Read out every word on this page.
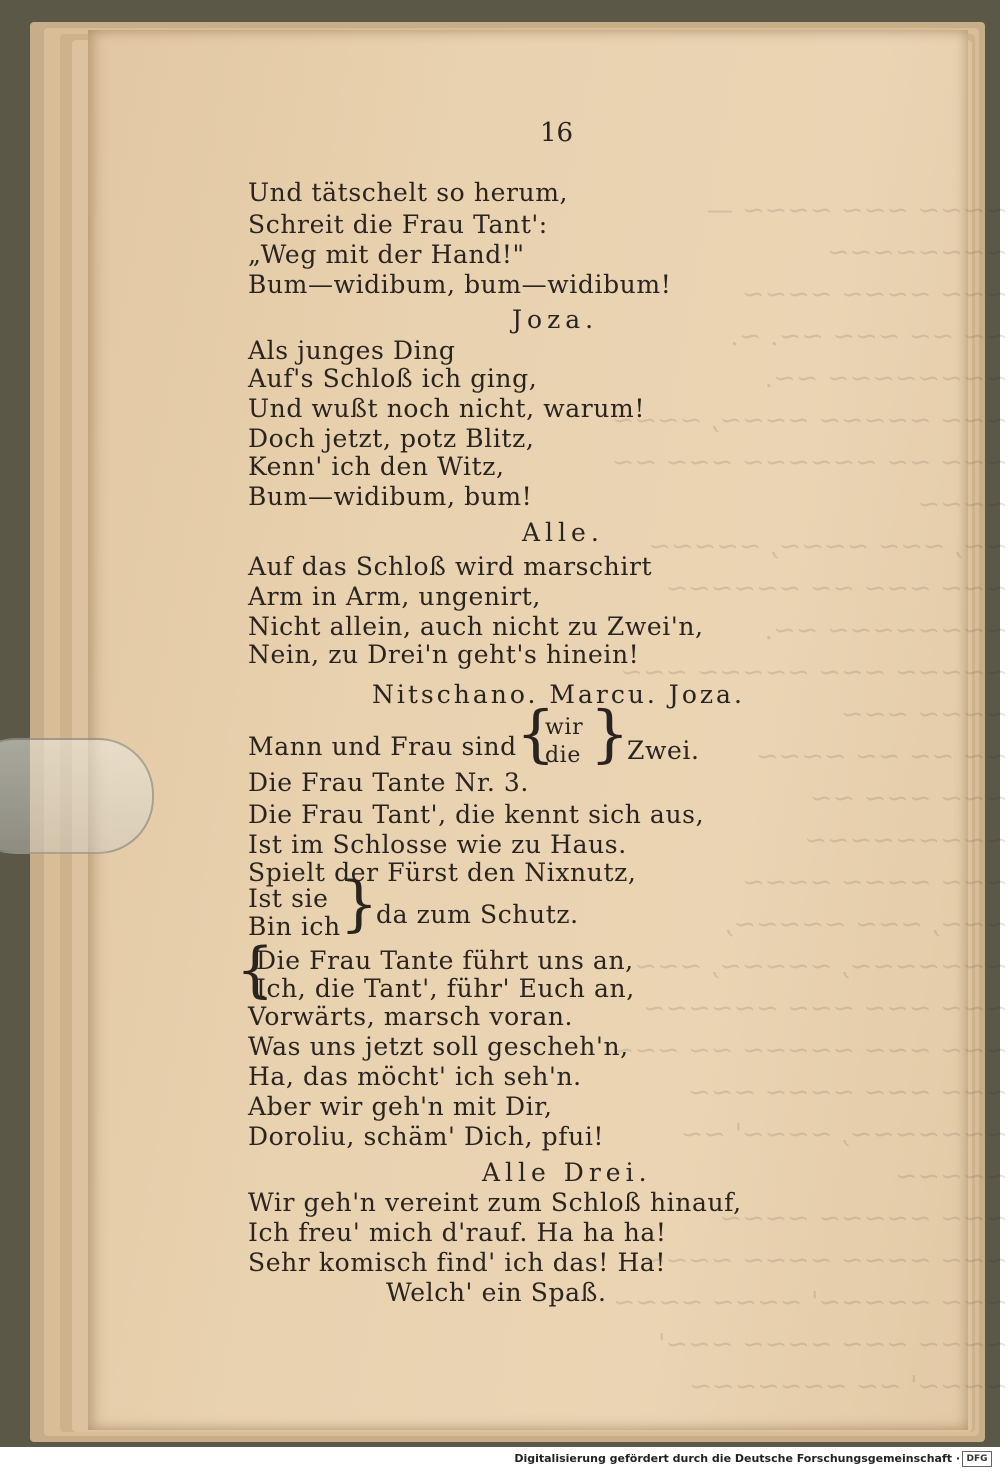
~~~~ ~~~ ~~~~ —
~~~~~~~~
~~~ ~~~~ ~~~~
~~ ~~ ~~~ ~~. ~.
~~~~~~~~ ~~.
~~~ ~~~~~ ~~~~, ~~~~
~~~ ~~ ~~~~~~ ~~~ ~~
~~~~
~~, ~~~ ~~~~, ~~~~~
~~~ ~~~ ~~ ~~~~~~
~~~~~~~~ ~~.
~~~~~ ~~~ ~~~~~ ~~~
~~~~ ~~~
~~ ~~ ~~ ~~~~
~~~ ~~~ ~~
~~~~~~~~~
~~~ ~~~~ ~~~~
~~~, ~~~ ~~~~~,
~~~~~~~, ~~~~~, ~~~
~~~ ~~~ ~~~ ~~~~~~
~~~ ~~~ ~~~~~ ~~ ~~~
~~~ ~~~ ~~~~ ~~~
~~~~~~~, ~~~~' ~~
~~~~~
~~~ ~~~~~ ~~~~
~~~ ~~~~ ~~~~ ~~~~
~~~ ~~~~~' ~~~~ ~~~~
~~~~ ~~~ ~~~~ ~~~'
~~~~' ~~ ~~~~~~~
16
Und tätschelt so herum,
Schreit die Frau Tant':
„Weg mit der Hand!"
Bum—widibum, bum—widibum!
Joza.
Als junges Ding
Auf's Schloß ich ging,
Und wußt noch nicht, warum!
Doch jetzt, potz Blitz,
Kenn' ich den Witz,
Bum—widibum, bum!
Alle.
Auf das Schloß wird marschirt
Arm in Arm, ungenirt,
Nicht allein, auch nicht zu Zwei'n,
Nein, zu Drei'n geht's hinein!
Nitschano. Marcu. Joza.
Mann und Frau sind {
wir
die }
Zwei.
Die Frau Tante Nr. 3.
Die Frau Tant', die kennt sich aus,
Ist im Schlosse wie zu Haus.
Spielt der Fürst den Nixnutz,
Ist sie
Bin ich }
da zum Schutz.
{
Die Frau Tante führt uns an,
Ich, die Tant', führ' Euch an,
Vorwärts, marsch voran.
Was uns jetzt soll gescheh'n,
Ha, das möcht' ich seh'n.
Aber wir geh'n mit Dir,
Doroliu, schäm' Dich, pfui!
Alle Drei.
Wir geh'n vereint zum Schloß hinauf,
Ich freu' mich d'rauf. Ha ha ha!
Sehr komisch find' ich das! Ha!
Welch' ein Spaß.
Digitalisierung gefördert durch die Deutsche Forschungsgemeinschaft · DFG
